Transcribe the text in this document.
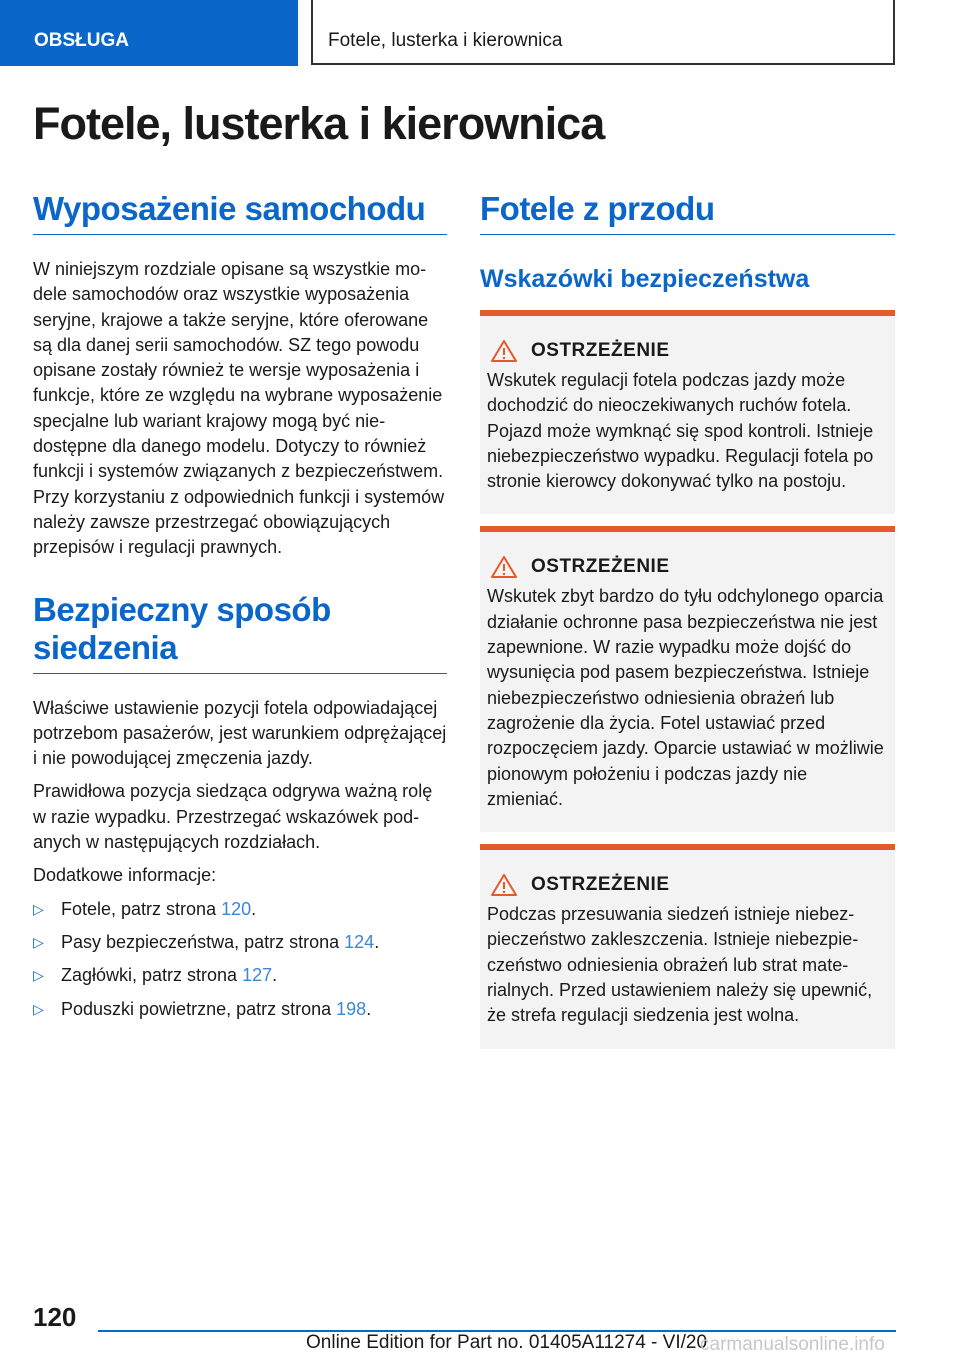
OBSŁUGA	Fotele, lusterka i kierownica
Fotele, lusterka i kierownica
Wyposażenie samochodu

W niniejszym rozdziale opisane są wszystkie modele samochodów oraz wszystkie wyposażenia seryjne, krajowe a także seryjne, które oferowane są dla danej serii samochodów. SZ tego powodu opisane zostały również te wersje wyposażenia i funkcje, które ze względu na wybrane wyposażenie specjalne lub wariant krajowy mogą być niedostępne dla danego modelu. Dotyczy to również funkcji i systemów związanych z bezpieczeństwem. Przy korzystaniu z odpowiednich funkcji i systemów należy zawsze przestrzegać obowiązujących przepisów i regulacji prawnych.

Bezpieczny sposób siedzenia

Właściwe ustawienie pozycji fotela odpowiadającej potrzebom pasażerów, jest warunkiem odprężającej i nie powodującej zmęczenia jazdy.

Prawidłowa pozycja siedząca odgrywa ważną rolę w razie wypadku. Przestrzegać wskazówek podanych w następujących rozdziałach.

Dodatkowe informacje:

▷ Fotele, patrz strona 120.
▷ Pasy bezpieczeństwa, patrz strona 124.
▷ Zagłówki, patrz strona 127.
▷ Poduszki powietrzne, patrz strona 198.
Fotele z przodu
Wskazówki bezpieczeństwa
OSTRZEŻENIE

Wskutek regulacji fotela podczas jazdy może dochodzić do nieoczekiwanych ruchów fotela. Pojazd może wymknąć się spod kontroli. Istnieje niebezpieczeństwo wypadku. Regulacji fotela po stronie kierowcy dokonywać tylko na postoju.

OSTRZEŻENIE

Wskutek zbyt bardzo do tyłu odchylonego oparcia działanie ochronne pasa bezpieczeństwa nie jest zapewnione. W razie wypadku może dojść do wysunięcia pod pasem bezpieczeństwa. Istnieje niebezpieczeństwo odniesienia obrażeń lub zagrożenie dla życia. Fotel ustawiać przed rozpoczęciem jazdy. Oparcie ustawiać w możliwie pionowym położeniu i podczas jazdy nie zmieniać.

OSTRZEŻENIE

Podczas przesuwania siedzeń istnieje niebezpieczeństwo zakleszczenia. Istnieje niebezpieczeństwo odniesienia obrażeń lub strat materialnych. Przed ustawieniem należy się upewnić, że strefa regulacji siedzenia jest wolna.

120
Online Edition for Part no. 01405A11274 - VI/20
carmanualsonline.info
